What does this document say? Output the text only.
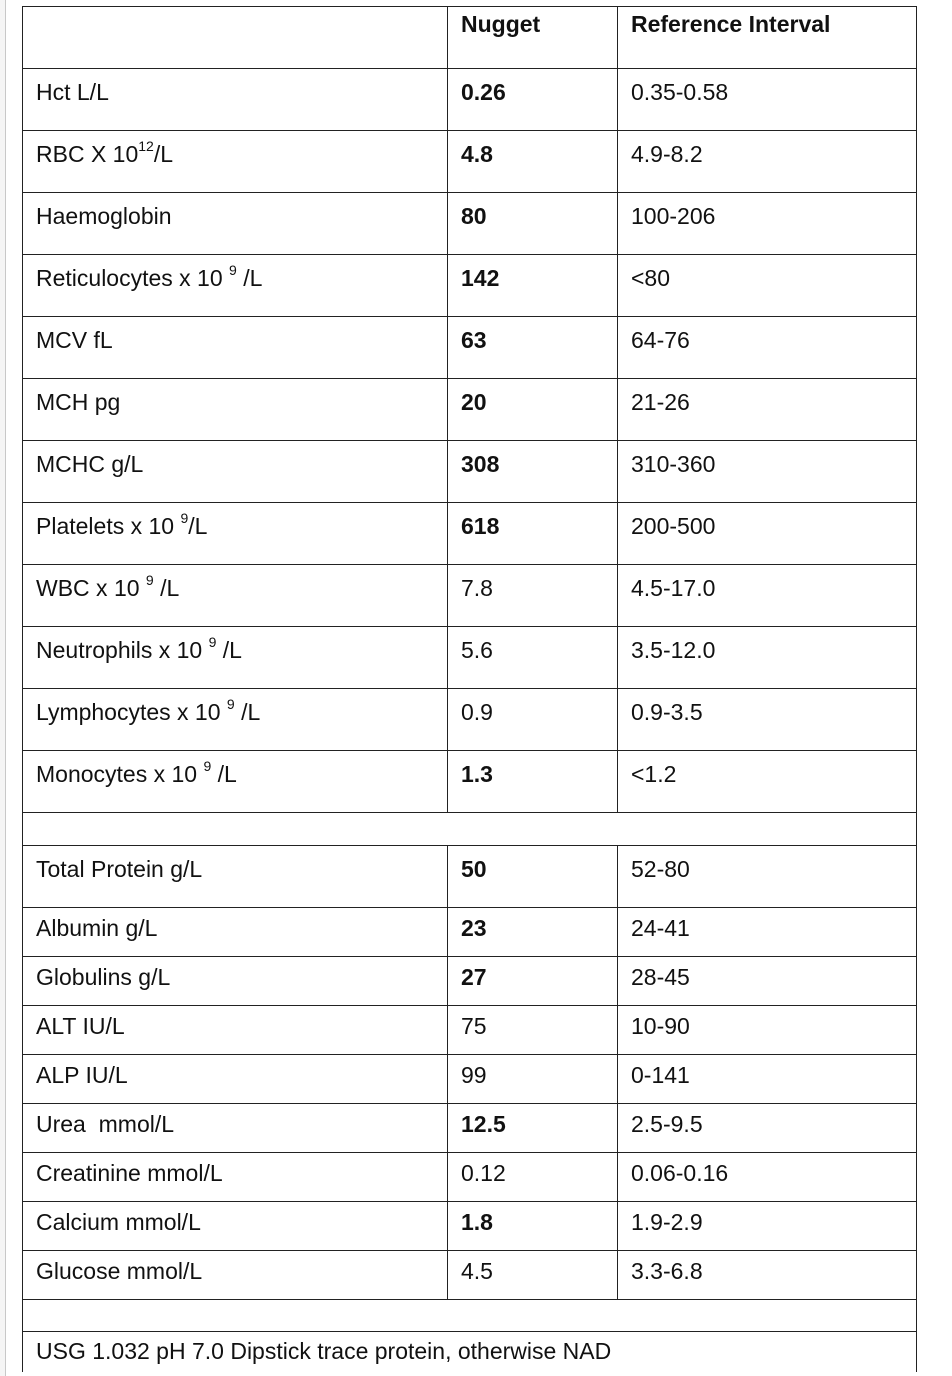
	Nugget	Reference Interval
Hct L/L	0.26	0.35-0.58
RBC X $10^{12}/L$	4.8	4.9-8.2
Haemoglobin	80	100-206
Reticulocytes x 10 $^9$ /L	142	<80
MCV fL	63	64-76
MCH pg	20	21-26
MCHC g/L	308	310-360
Platelets x 10 $^9$/L	618	200-500
WBC x 10 $^9$ /L	7.8	4.5-17.0
Neutrophils x 10 $^9$ /L	5.6	3.5-12.0
Lymphocytes x 10 $^9$ /L	0.9	0.9-3.5
Monocytes x 10 $^9$ /L	1.3	<1.2

Total Protein g/L	50	52-80
Albumin g/L	23	24-41
Globulins g/L	27	28-45
ALT IU/L	75	10-90
ALP IU/L	99	0-141
Urea  mmol/L	12.5	2.5-9.5
Creatinine mmol/L	0.12	0.06-0.16
Calcium mmol/L	1.8	1.9-2.9
Glucose mmol/L	4.5	3.3-6.8

USG 1.032 pH 7.0 Dipstick trace protein, otherwise NAD		
